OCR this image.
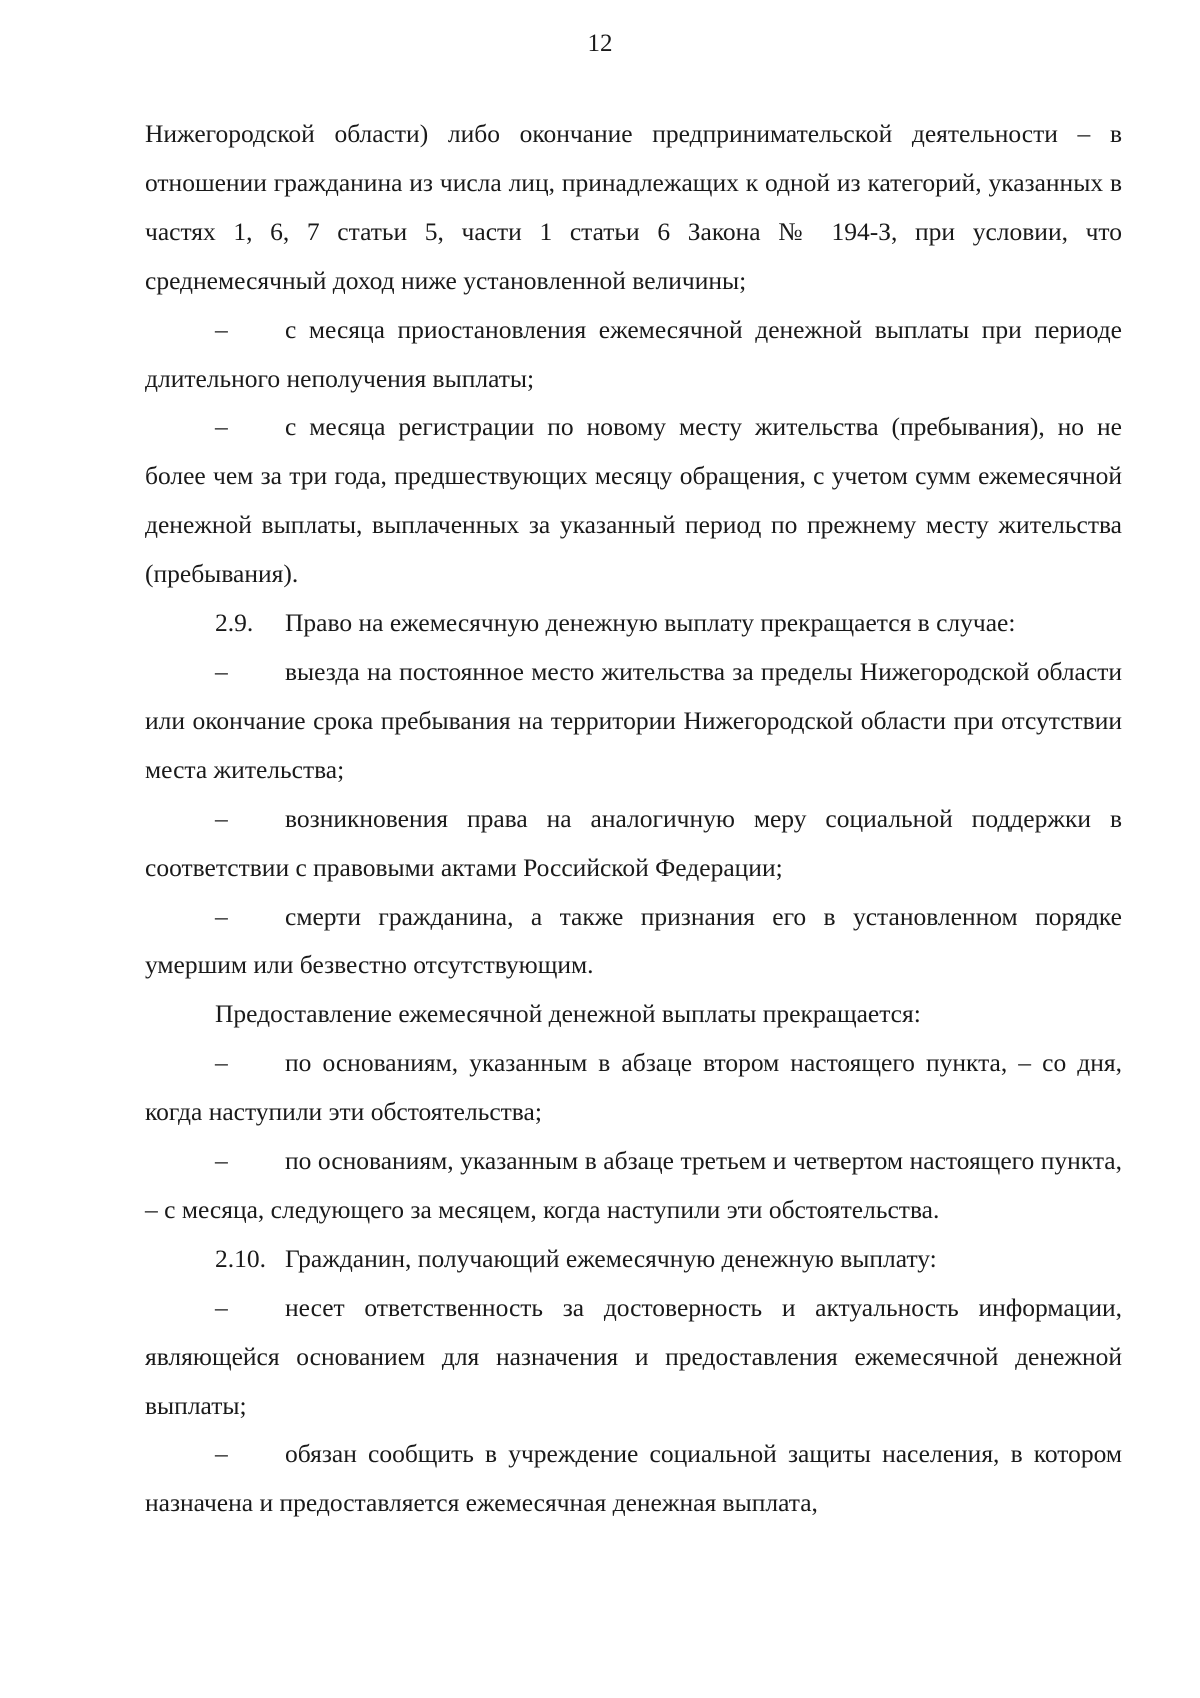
12

Нижегородской области) либо окончание предпринимательской деятельности – в отношении гражданина из числа лиц, принадлежащих к одной из категорий, указанных в частях 1, 6, 7 статьи 5, части 1 статьи 6 Закона № 194-З, при условии, что среднемесячный доход ниже установленной величины;

– с месяца приостановления ежемесячной денежной выплаты при периоде длительного неполучения выплаты;

– с месяца регистрации по новому месту жительства (пребывания), но не более чем за три года, предшествующих месяцу обращения, с учетом сумм ежемесячной денежной выплаты, выплаченных за указанный период по прежнему месту жительства (пребывания).

2.9. Право на ежемесячную денежную выплату прекращается в случае:

– выезда на постоянное место жительства за пределы Нижегородской области или окончание срока пребывания на территории Нижегородской области при отсутствии места жительства;

– возникновения права на аналогичную меру социальной поддержки в соответствии с правовыми актами Российской Федерации;

– смерти гражданина, а также признания его в установленном порядке умершим или безвестно отсутствующим.

Предоставление ежемесячной денежной выплаты прекращается:

– по основаниям, указанным в абзаце втором настоящего пункта, – со дня, когда наступили эти обстоятельства;

– по основаниям, указанным в абзаце третьем и четвертом настоящего пункта, – с месяца, следующего за месяцем, когда наступили эти обстоятельства.

2.10. Гражданин, получающий ежемесячную денежную выплату:

– несет ответственность за достоверность и актуальность информации, являющейся основанием для назначения и предоставления ежемесячной денежной выплаты;

– обязан сообщить в учреждение социальной защиты населения, в котором назначена и предоставляется ежемесячная денежная выплата,
